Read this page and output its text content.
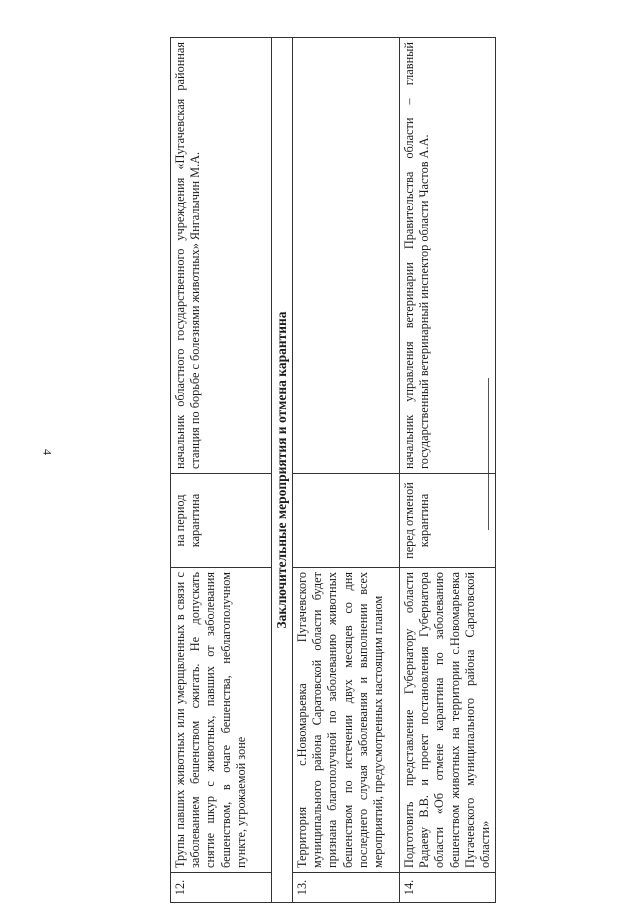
4
12.	Трупы павших животных или умерщвленных в связи с заболеванием бешенством сжигать. Не допускать снятие шкур с животных, павших от заболевания бешенством, в очаге бешенства, неблагополучном пункте, угрожаемой зоне	на период карантина	начальник областного государственного учреждения «Пугачевская районная станция по борьбе с болезнями животных» Янгалычин М.А.
Заключительные мероприятия и отмена карантина			
13.	Территория с.Новомарьевка Пугачевского муниципального района Саратовской области будет признана благополучной по заболеванию животных бешенством по истечении двух месяцев со дня последнего случая заболевания и выполнении всех мероприятий, предусмотренных настоящим планом		
14.	Подготовить представление Губернатору области Радаеву В.В. и проект постановления Губернатора области «Об отмене карантина по заболеванию бешенством животных на территории с.Новомарьевка Пугачевского муниципального района Саратовской области»	перед отменой карантина	начальник управления ветеринарии Правительства области – главный государственный ветеринарный инспектор области Частов А.А.
